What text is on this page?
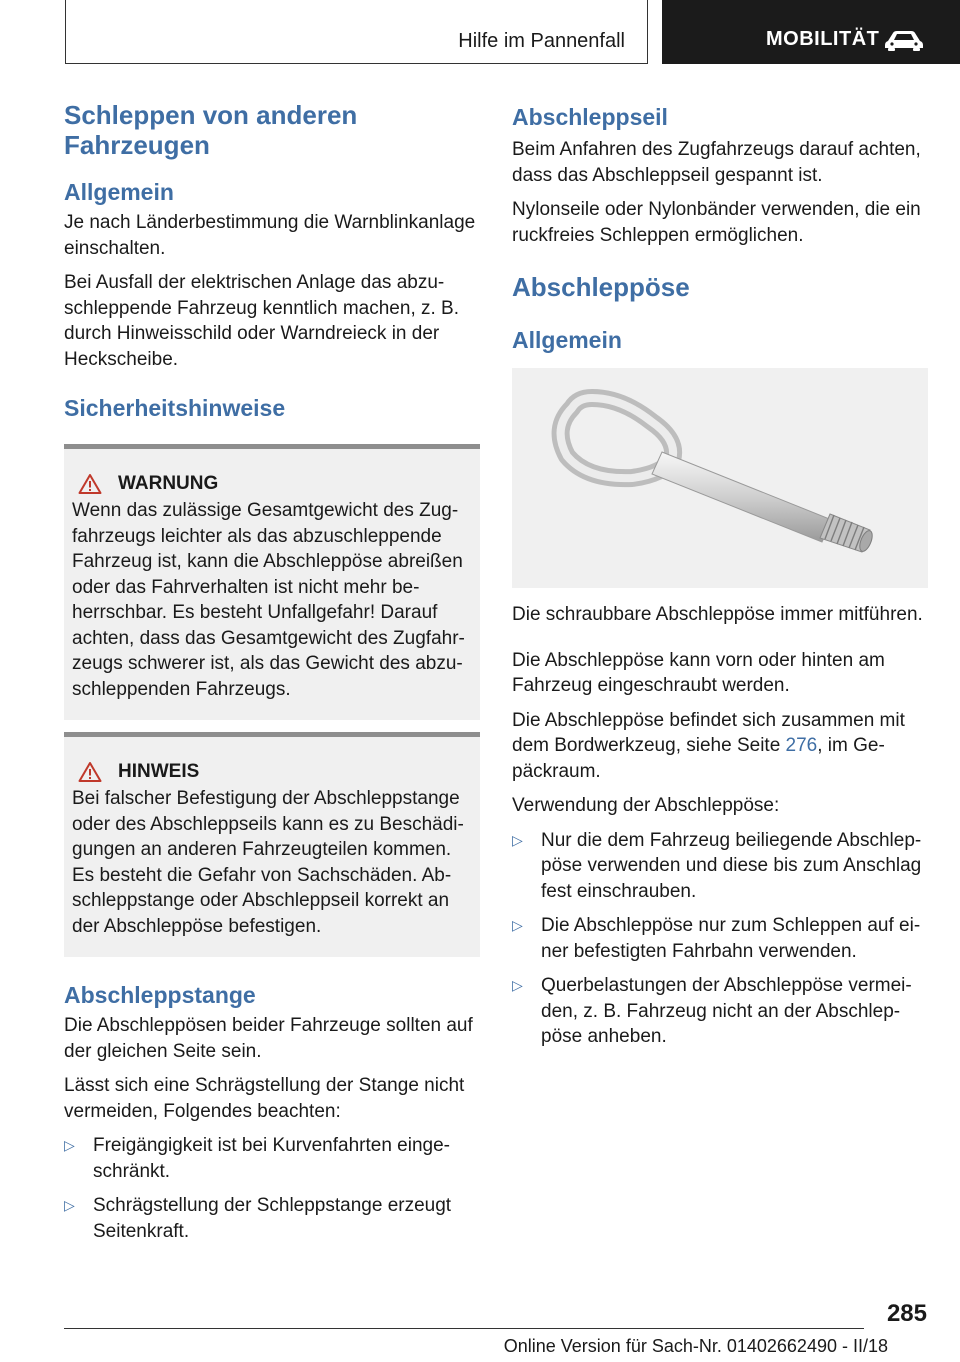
Hilfe im Pannenfall	MOBILITÄT
Schleppen von anderen Fahrzeugen
Allgemein

Je nach Länderbestimmung die Warnblinkanlage einschalten.

Bei Ausfall der elektrischen Anlage das abzu‐schleppende Fahrzeug kenntlich machen, z. B. durch Hinweisschild oder Warndreieck in der Heckscheibe.

Sicherheitshinweise
WARNUNG

Wenn das zulässige Gesamtgewicht des Zug‐fahrzeugs leichter als das abzuschleppende Fahrzeug ist, kann die Abschleppöse abreißen oder das Fahrverhalten ist nicht mehr be‐herrschbar. Es besteht Unfallgefahr! Darauf achten, dass das Gesamtgewicht des Zugfahr‐zeugs schwerer ist, als das Gewicht des abzu‐schleppenden Fahrzeugs.

HINWEIS

Bei falscher Befestigung der Abschleppstange oder des Abschleppseils kann es zu Beschädi‐gungen an anderen Fahrzeugteilen kommen. Es besteht die Gefahr von Sachschäden. Ab‐schleppstange oder Abschleppseil korrekt an der Abschleppöse befestigen.

Abschleppstange

Die Abschleppösen beider Fahrzeuge sollten auf der gleichen Seite sein.

Lässt sich eine Schrägstellung der Stange nicht vermeiden, Folgendes beachten:

▷ Freigängigkeit ist bei Kurvenfahrten einge‐schränkt.
▷ Schrägstellung der Schleppstange erzeugt Seitenkraft.
Abschleppseil

Beim Anfahren des Zugfahrzeugs darauf achten, dass das Abschleppseil gespannt ist.

Nylonseile oder Nylonbänder verwenden, die ein ruckfreies Schleppen ermöglichen.

Abschleppöse
Allgemein

Die schraubbare Abschleppöse immer mitführen.

Die Abschleppöse kann vorn oder hinten am Fahrzeug eingeschraubt werden.

Die Abschleppöse befindet sich zusammen mit dem Bordwerkzeug, siehe Seite 276, im Ge‐päckraum.

Verwendung der Abschleppöse:

▷ Nur die dem Fahrzeug beiliegende Abschlep‐pöse verwenden und diese bis zum Anschlag fest einschrauben.
▷ Die Abschleppöse nur zum Schleppen auf ei‐ner befestigten Fahrbahn verwenden.
▷ Querbelastungen der Abschleppöse vermei‐den, z. B. Fahrzeug nicht an der Abschlep‐pöse anheben.
285
Online Version für Sach-Nr. 01402662490 - II/18
